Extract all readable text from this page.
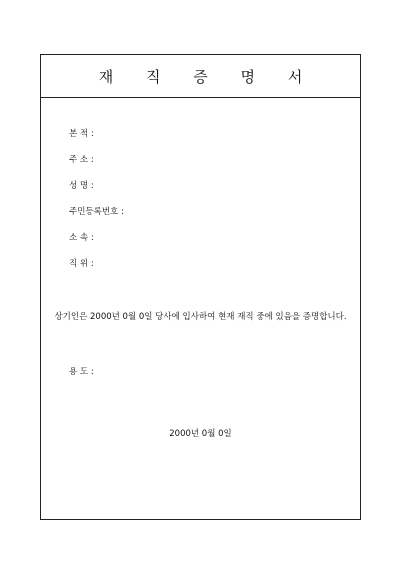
재 직 증 명 서
본 적 :
주 소 :
성 명 :
주민등록번호 :
소 속 :
직 위 :
상기인은 2000년 0월 0일 당사에 입사하여 현재 재직 중에 있음을 증명합니다.
용 도 :
2000년 0월 0일
